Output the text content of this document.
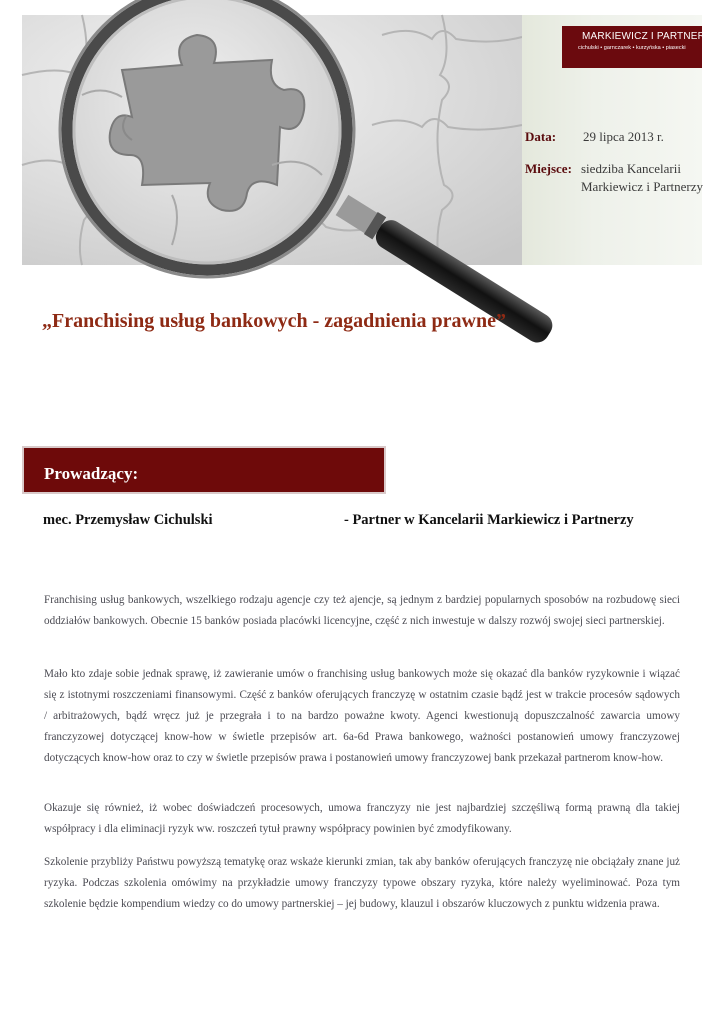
MARKIEWICZ I PARTNERZY
cichulski • garnczarek • kurzyńska • piasecki
Data: 29 lipca 2013 r.
Miejsce: siedziba Kancelarii
Markiewicz i Partnerzy
„Franchising usług bankowych - zagadnienia prawne”
Prowadzący:
mec. Przemysław Cichulski	- Partner w Kancelarii Markiewicz i Partnerzy

Franchising usług bankowych, wszelkiego rodzaju agencje czy też ajencje, są jednym z bardziej popularnych sposobów na rozbudowę sieci oddziałów bankowych. Obecnie 15 banków posiada placówki licencyjne, część z nich inwestuje w dalszy rozwój swojej sieci partnerskiej.

Mało kto zdaje sobie jednak sprawę, iż zawieranie umów o franchising usług bankowych może się okazać dla banków ryzykownie i wiązać się z istotnymi roszczeniami finansowymi. Część z banków oferujących franczyzę w ostatnim czasie bądź jest w trakcie procesów sądowych / arbitrażowych, bądź wręcz już je przegrała i to na bardzo poważne kwoty. Agenci kwestionują dopuszczalność zawarcia umowy franczyzowej dotyczącej know-how w świetle przepisów art. 6a-6d Prawa bankowego, ważności postanowień umowy franczyzowej dotyczących know-how oraz to czy w świetle przepisów prawa i postanowień umowy franczyzowej bank przekazał partnerom know-how.

Okazuje się również, iż wobec doświadczeń procesowych, umowa franczyzy nie jest najbardziej szczęśliwą formą prawną dla takiej współpracy i dla eliminacji ryzyk ww. roszczeń tytuł prawny współpracy powinien być zmodyfikowany.

Szkolenie przybliży Państwu powyższą tematykę oraz wskaże kierunki zmian, tak aby banków oferujących franczyzę nie obciążały znane już ryzyka. Podczas szkolenia omówimy na przykładzie umowy franczyzy typowe obszary ryzyka, które należy wyeliminować. Poza tym szkolenie będzie kompendium wiedzy co do umowy partnerskiej – jej budowy, klauzul i obszarów kluczowych z punktu widzenia prawa.
